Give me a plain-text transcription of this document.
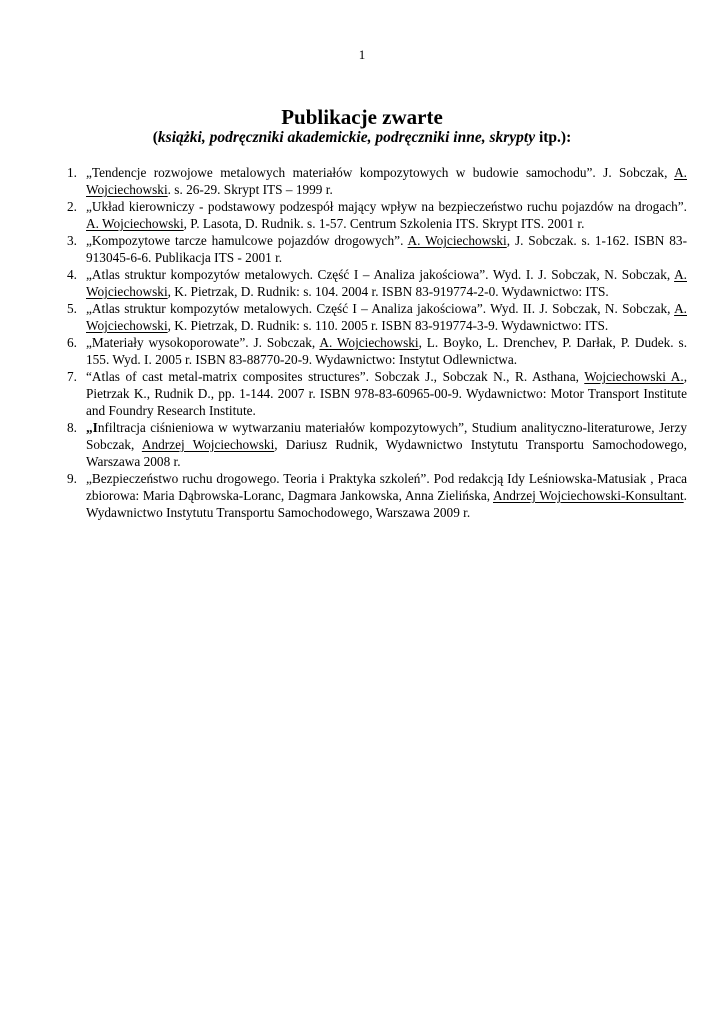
1
Publikacje zwarte
(książki, podręczniki akademickie, podręczniki inne, skrypty itp.):
1. „Tendencje rozwojowe metalowych materiałów kompozytowych w budowie samochodu”. J. Sobczak, A. Wojciechowski. s. 26-29. Skrypt ITS – 1999 r.
2. „Układ kierowniczy - podstawowy podzespół mający wpływ na bezpieczeństwo ruchu pojazdów na drogach”. A. Wojciechowski, P. Lasota, D. Rudnik. s. 1-57. Centrum Szkolenia ITS. Skrypt ITS. 2001 r.
3. „Kompozytowe tarcze hamulcowe pojazdów drogowych”. A. Wojciechowski, J. Sobczak. s. 1-162. ISBN 83-913045-6-6. Publikacja ITS - 2001 r.
4. „Atlas struktur kompozytów metalowych. Część I – Analiza jakościowa”. Wyd. I. J. Sobczak, N. Sobczak, A. Wojciechowski, K. Pietrzak, D. Rudnik: s. 104. 2004 r. ISBN 83-919774-2-0. Wydawnictwo: ITS.
5. „Atlas struktur kompozytów metalowych. Część I – Analiza jakościowa”. Wyd. II. J. Sobczak, N. Sobczak, A. Wojciechowski, K. Pietrzak, D. Rudnik: s. 110. 2005 r. ISBN 83-919774-3-9. Wydawnictwo: ITS.
6. „Materiały wysokoporowate”. J. Sobczak, A. Wojciechowski, L. Boyko, L. Drenchev, P. Darłak, P. Dudek. s. 155. Wyd. I. 2005 r. ISBN 83-88770-20-9. Wydawnictwo: Instytut Odlewnictwa.
7. “Atlas of cast metal-matrix composites structures”. Sobczak J., Sobczak N., R. Asthana, Wojciechowski A., Pietrzak K., Rudnik D., pp. 1-144. 2007 r. ISBN 978-83-60965-00-9. Wydawnictwo: Motor Transport Institute and Foundry Research Institute.
8. „Infiltracja ciśnieniowa w wytwarzaniu materiałów kompozytowych”, Studium analityczno-literaturowe, Jerzy Sobczak, Andrzej Wojciechowski, Dariusz Rudnik, Wydawnictwo Instytutu Transportu Samochodowego, Warszawa 2008 r.
9. „Bezpieczeństwo ruchu drogowego. Teoria i Praktyka szkoleń”. Pod redakcją Idy Leśniowska-Matusiak , Praca zbiorowa: Maria Dąbrowska-Loranc, Dagmara Jankowska, Anna Zielińska, Andrzej Wojciechowski-Konsultant. Wydawnictwo Instytutu Transportu Samochodowego, Warszawa 2009 r.
